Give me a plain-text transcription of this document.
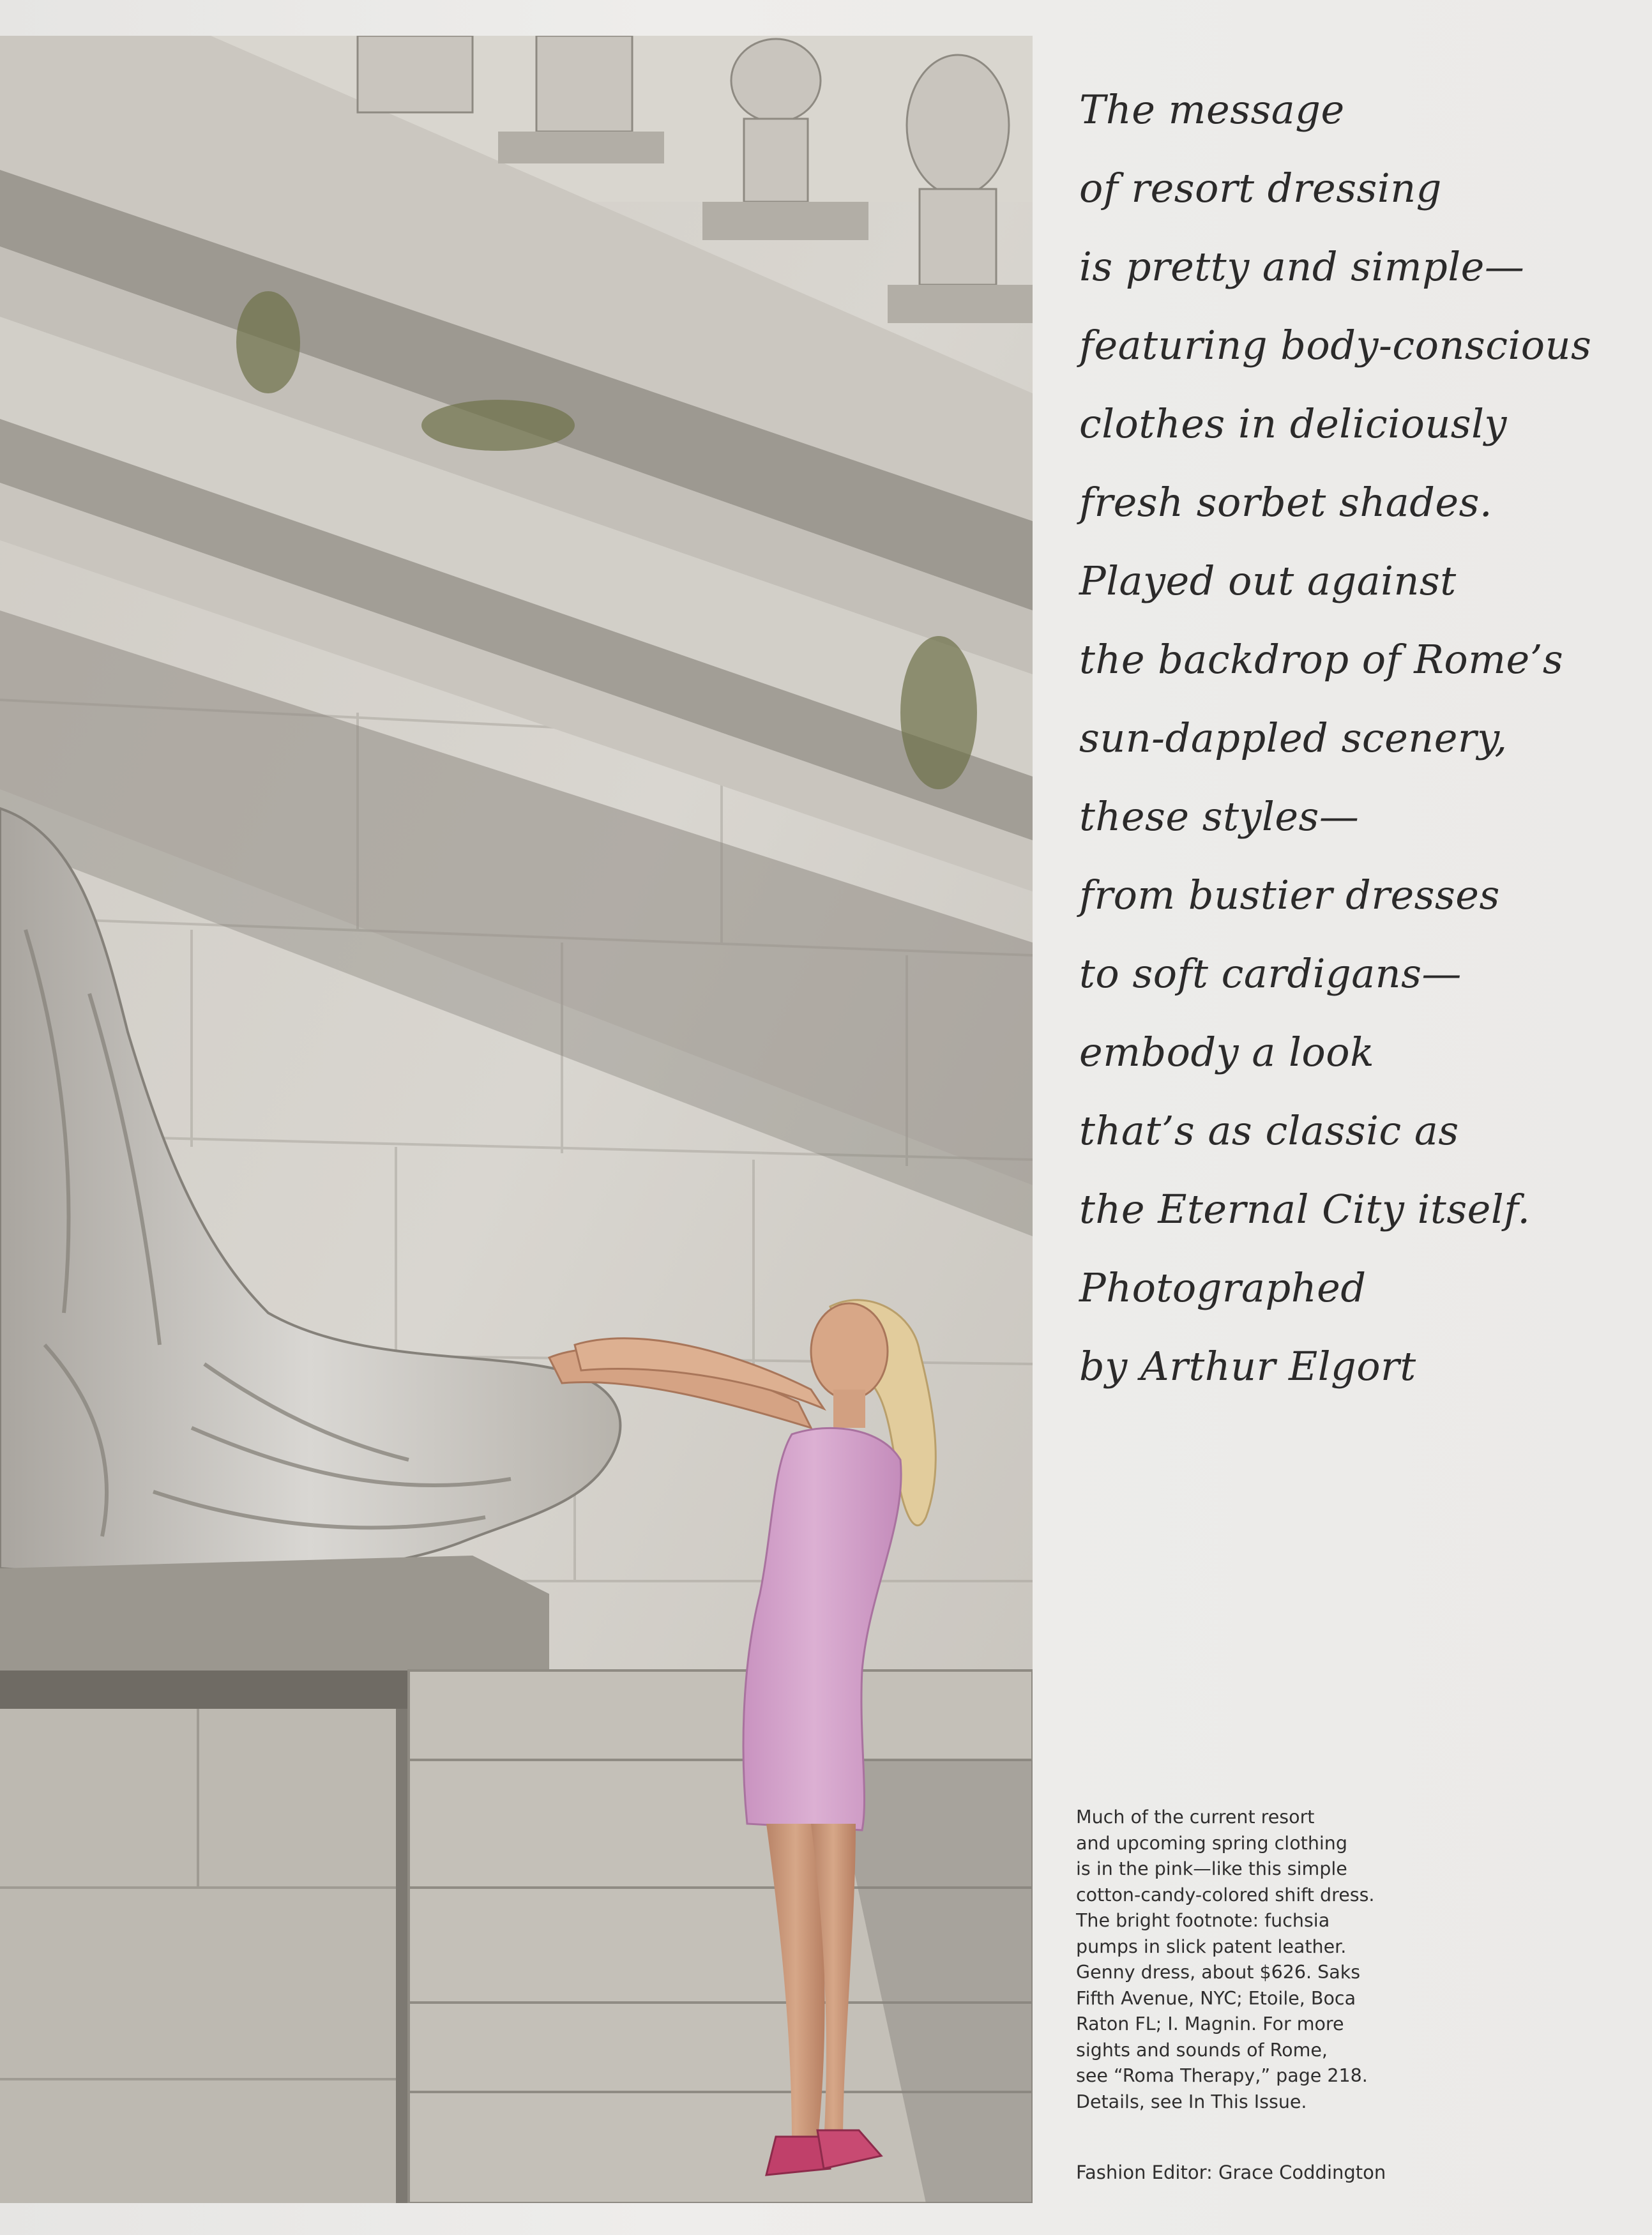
The message
of resort dressing
is pretty and simple—
featuring body-conscious
clothes in deliciously
fresh sorbet shades.
Played out against
the backdrop of Rome’s
sun-dappled scenery,
these styles—
from bustier dresses
to soft cardigans—
embody a look
that’s as classic as
the Eternal City itself.
Photographed
by Arthur Elgort
Much of the current resort
and upcoming spring clothing
is in the pink—like this simple
cotton-candy-colored shift dress.
The bright footnote: fuchsia
pumps in slick patent leather.
Genny dress, about $626. Saks
Fifth Avenue, NYC; Etoile, Boca
Raton FL; I. Magnin. For more
sights and sounds of Rome,
see “Roma Therapy,” page 218.
Details, see In This Issue.
Fashion Editor: Grace Coddington
